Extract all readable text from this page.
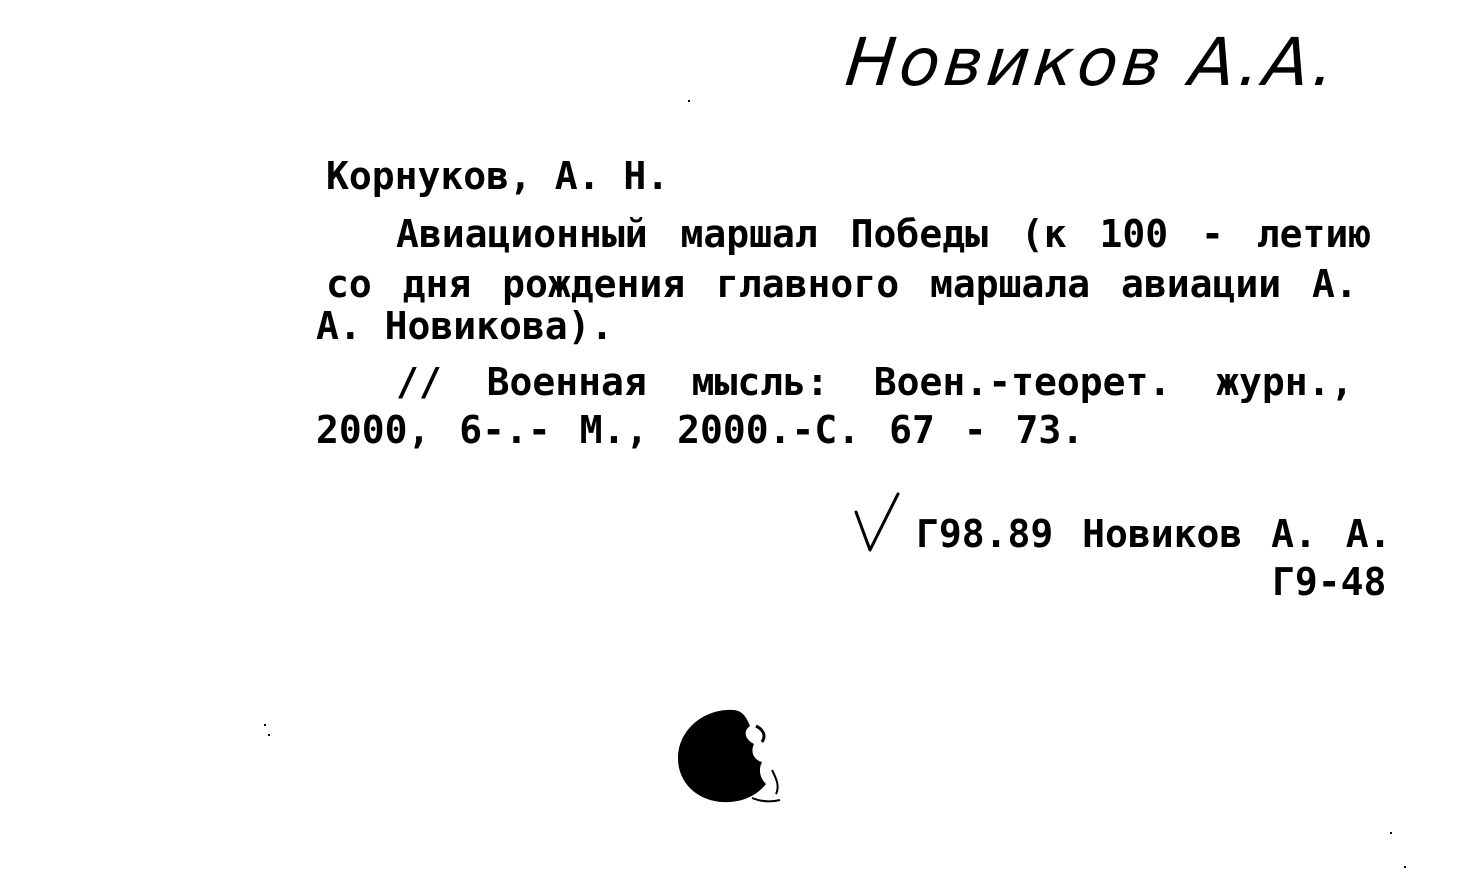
Новиков А.А.
Корнуков, А. Н.
Авиационный маршал Победы (к 100 - летию
со дня рождения главного маршала авиации А.
А. Новикова).
// Военная мысль: Воен.-теорет. журн.,
2000, 6-.- М., 2000.-С. 67 - 73.
Г98.89 Новиков А. А.
Г9-48
